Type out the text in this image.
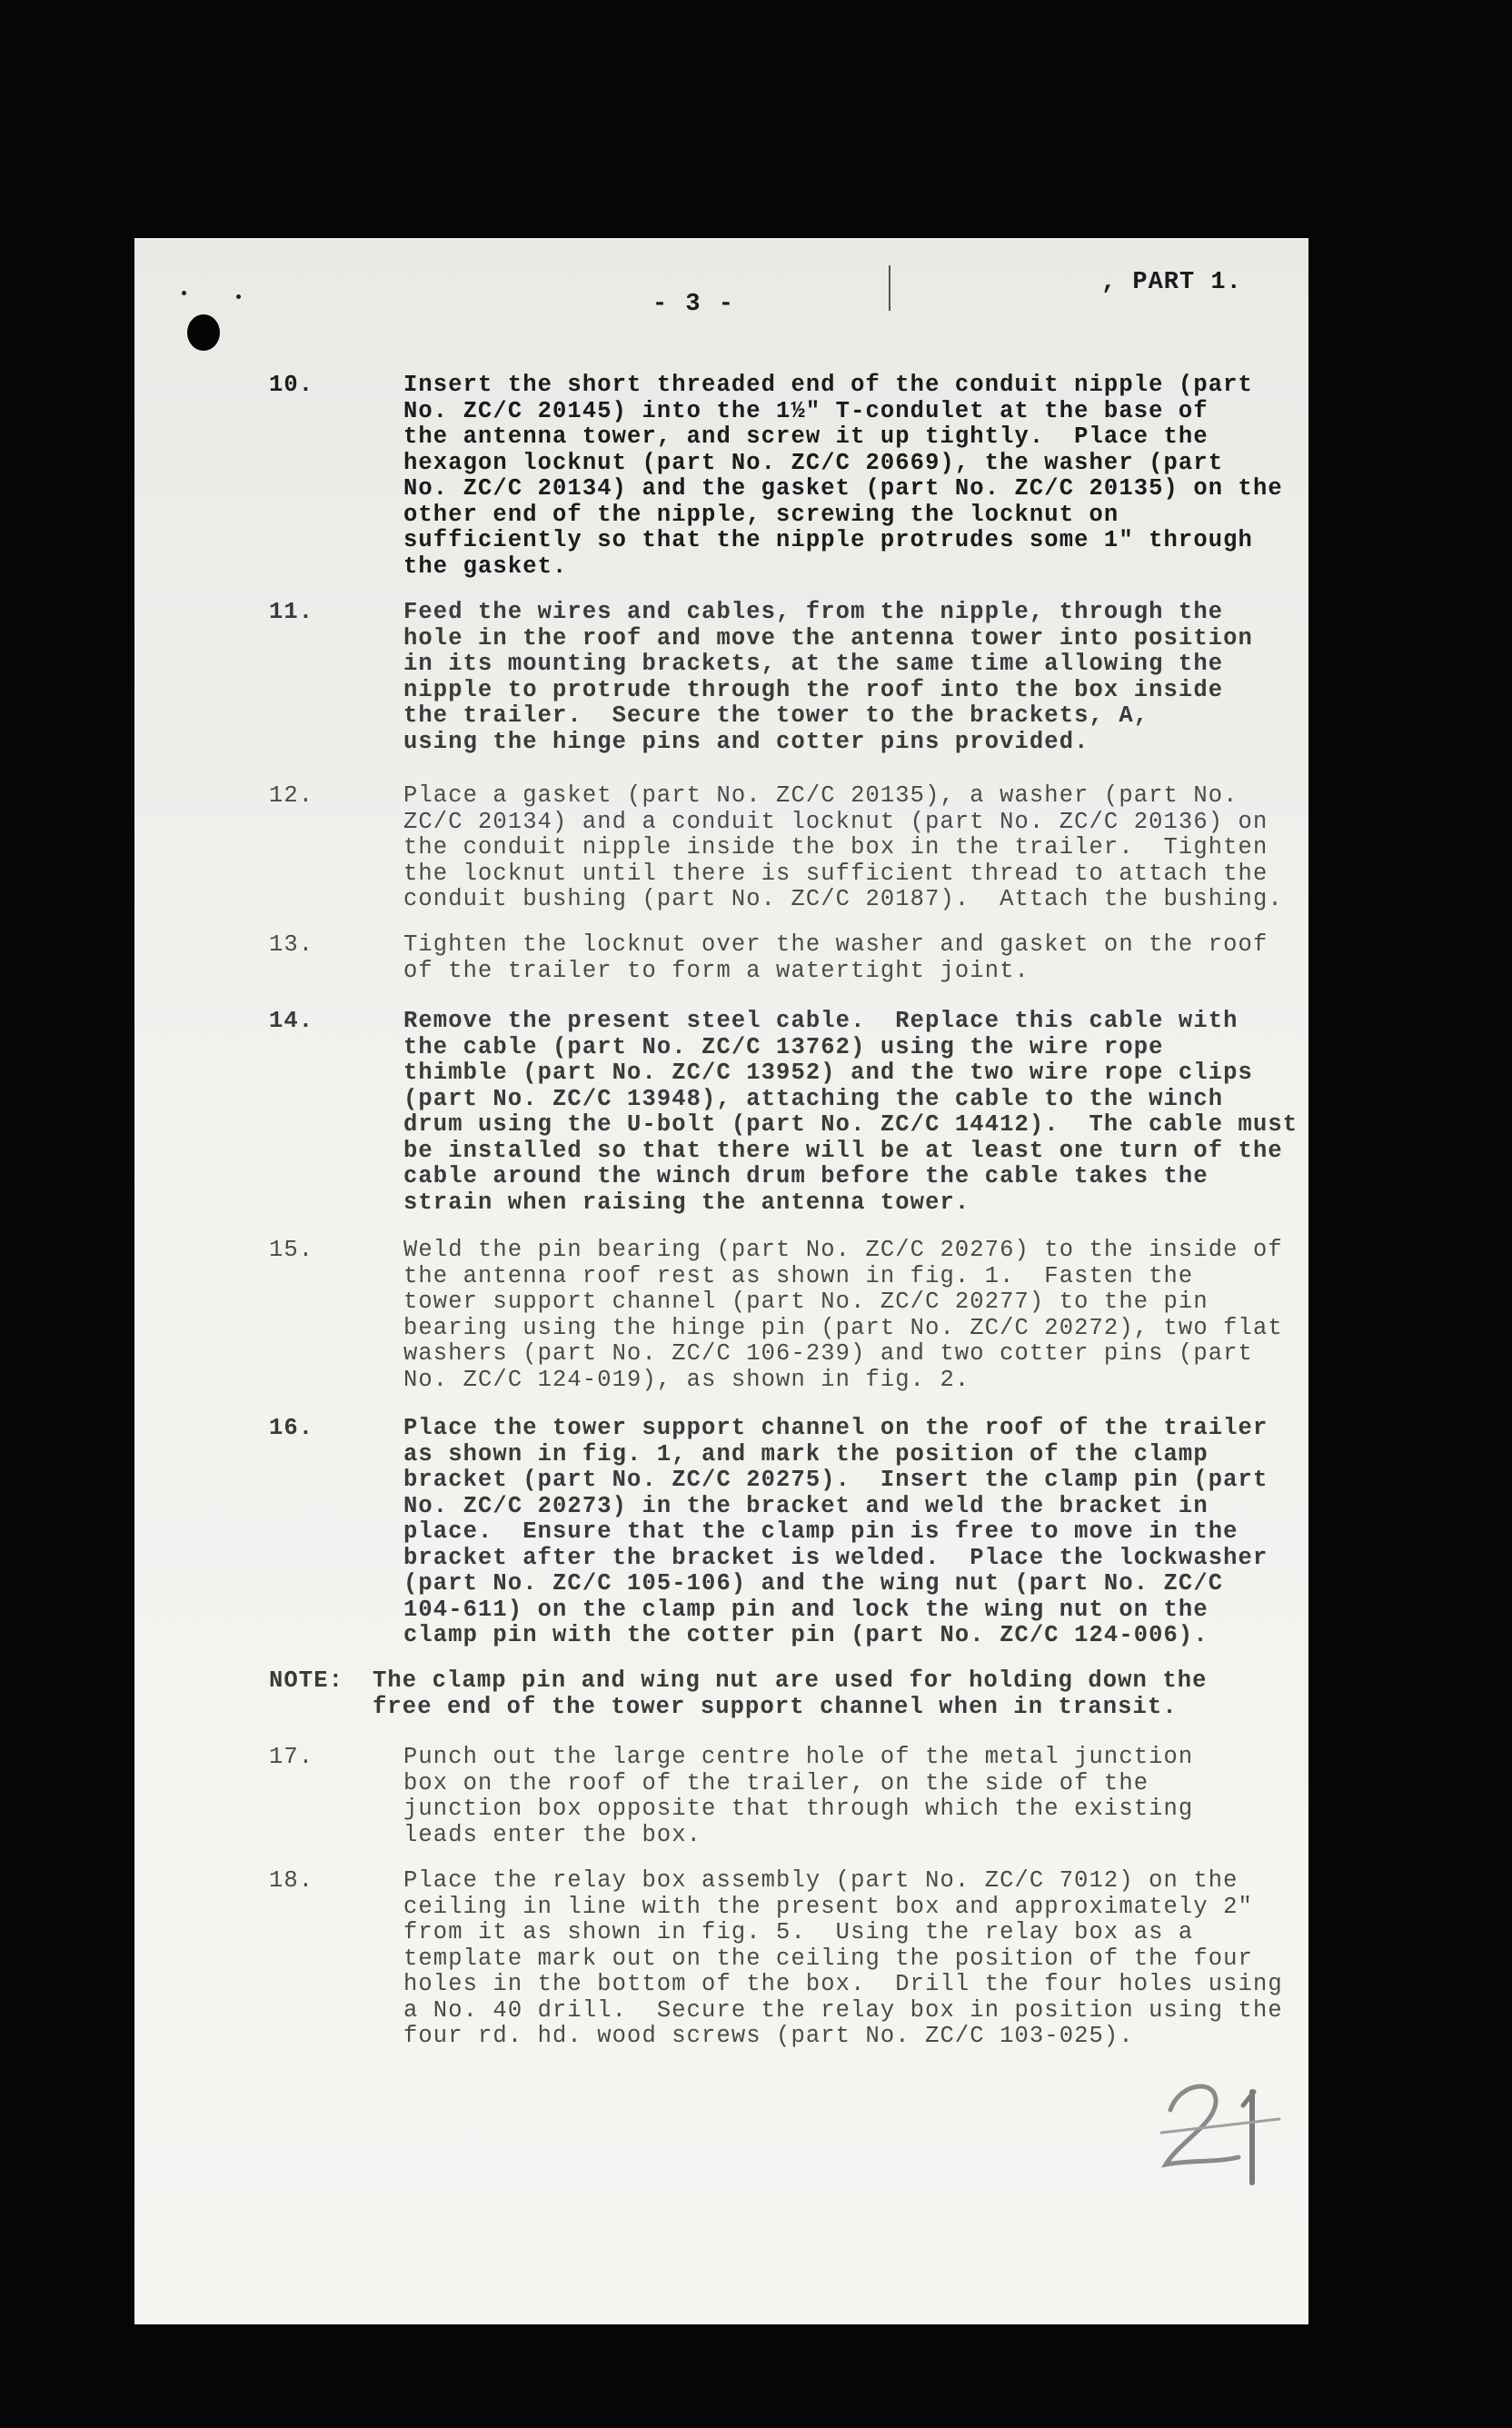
- 3 -
, PART 1.
10.	Insert the short threaded end of the conduit nipple (part
No. ZC/C 20145) into the 1½" T-condulet at the base of
the antenna tower, and screw it up tightly.  Place the
hexagon locknut (part No. ZC/C 20669), the washer (part
No. ZC/C 20134) and the gasket (part No. ZC/C 20135) on the
other end of the nipple, screwing the locknut on
sufficiently so that the nipple protrudes some 1" through
the gasket.
11.	Feed the wires and cables, from the nipple, through the
hole in the roof and move the antenna tower into position
in its mounting brackets, at the same time allowing the
nipple to protrude through the roof into the box inside
the trailer.  Secure the tower to the brackets, A,
using the hinge pins and cotter pins provided.
12.	Place a gasket (part No. ZC/C 20135), a washer (part No.
ZC/C 20134) and a conduit locknut (part No. ZC/C 20136) on
the conduit nipple inside the box in the trailer.  Tighten
the locknut until there is sufficient thread to attach the
conduit bushing (part No. ZC/C 20187).  Attach the bushing.
13.	Tighten the locknut over the washer and gasket on the roof
of the trailer to form a watertight joint.
14.	Remove the present steel cable.  Replace this cable with
the cable (part No. ZC/C 13762) using the wire rope
thimble (part No. ZC/C 13952) and the two wire rope clips
(part No. ZC/C 13948), attaching the cable to the winch
drum using the U-bolt (part No. ZC/C 14412).  The cable must
be installed so that there will be at least one turn of the
cable around the winch drum before the cable takes the
strain when raising the antenna tower.
15.	Weld the pin bearing (part No. ZC/C 20276) to the inside of
the antenna roof rest as shown in fig. 1.  Fasten the
tower support channel (part No. ZC/C 20277) to the pin
bearing using the hinge pin (part No. ZC/C 20272), two flat
washers (part No. ZC/C 106-239) and two cotter pins (part
No. ZC/C 124-019), as shown in fig. 2.
16.	Place the tower support channel on the roof of the trailer
as shown in fig. 1, and mark the position of the clamp
bracket (part No. ZC/C 20275).  Insert the clamp pin (part
No. ZC/C 20273) in the bracket and weld the bracket in
place.  Ensure that the clamp pin is free to move in the
bracket after the bracket is welded.  Place the lockwasher
(part No. ZC/C 105-106) and the wing nut (part No. ZC/C
104-611) on the clamp pin and lock the wing nut on the
clamp pin with the cotter pin (part No. ZC/C 124-006).
NOTE: The clamp pin and wing nut are used for holding down the
free end of the tower support channel when in transit.
17.	Punch out the large centre hole of the metal junction
box on the roof of the trailer, on the side of the
junction box opposite that through which the existing
leads enter the box.
18.	Place the relay box assembly (part No. ZC/C 7012) on the
ceiling in line with the present box and approximately 2"
from it as shown in fig. 5.  Using the relay box as a
template mark out on the ceiling the position of the four
holes in the bottom of the box.  Drill the four holes using
a No. 40 drill.  Secure the relay box in position using the
four rd. hd. wood screws (part No. ZC/C 103-025).
